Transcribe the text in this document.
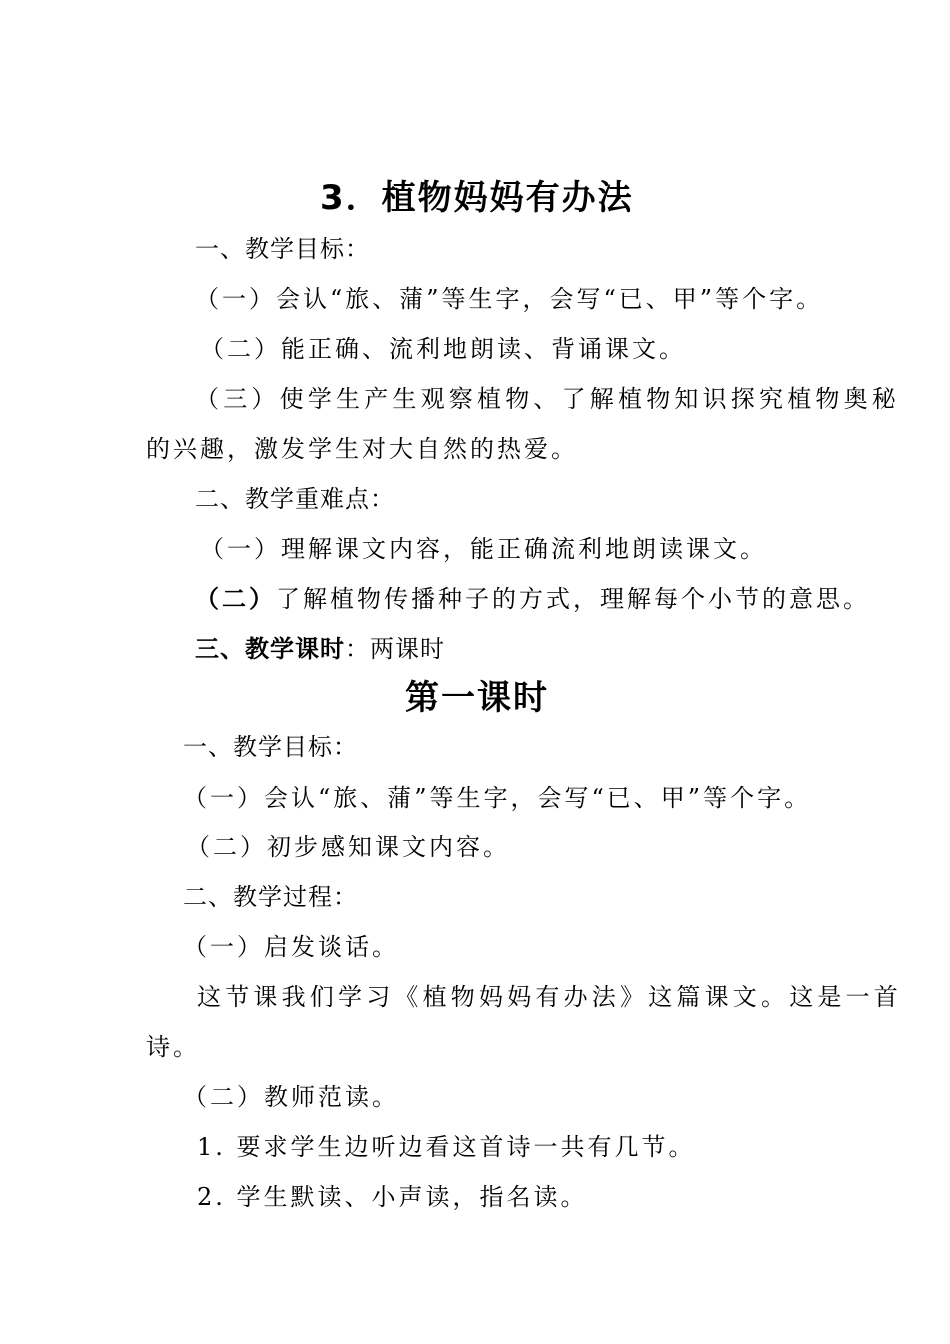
3．植物妈妈有办法
一、教学目标：
（一）会认“旅、蒲”等生字，会写“已、甲”等个字。
（二）能正确、流利地朗读、背诵课文。
（三）使学生产生观察植物、了解植物知识探究植物奥秘
的兴趣，激发学生对大自然的热爱。
二、教学重难点：
（一）理解课文内容，能正确流利地朗读课文。
（二）了解植物传播种子的方式，理解每个小节的意思。
三、教学课时：两课时
第一课时
一、教学目标：
（一）会认“旅、蒲”等生字，会写“已、甲”等个字。
（二）初步感知课文内容。
二、教学过程：
（一）启发谈话。
这节课我们学习《植物妈妈有办法》这篇课文。这是一首
诗。
（二）教师范读。
1. 要求学生边听边看这首诗一共有几节。
2. 学生默读、小声读，指名读。
